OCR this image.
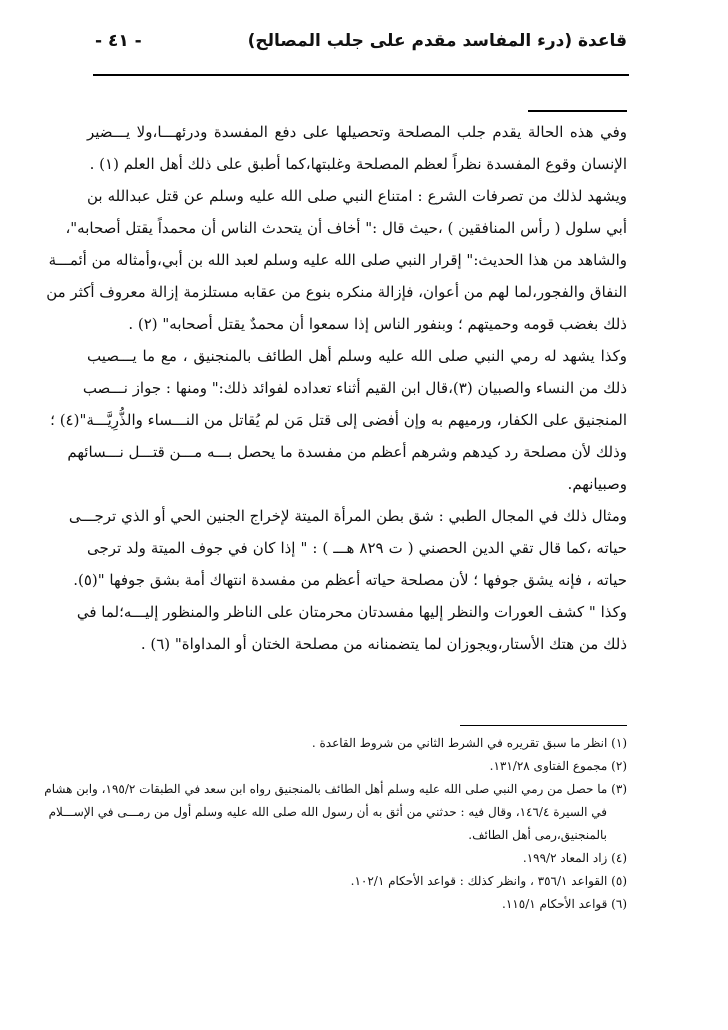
قاعدة (درء المفاسد مقدم على جلب المصالح)
- ٤١ -
وفي هذه الحالة يقدم جلب المصلحة وتحصيلها على دفع المفسدة ودرئهـــا،ولا يـــضير
الإنسان وقوع المفسدة نظراً لعظم المصلحة وغلبتها،كما أطبق على ذلك أهل العلم (١) .
ويشهد لذلك من تصرفات الشرع : امتناع النبي صلى الله عليه وسلم عن قتل عبدالله بن
أبي سلول ( رأس المنافقين ) ،حيث قال :" أخاف أن يتحدث الناس أن محمداً يقتل أصحابه"،
والشاهد من هذا الحديث:" إقرار النبي صلى الله عليه وسلم لعبد الله بن أبي،وأمثاله من أئمـــة
النفاق والفجور،لما لهم من أعوان، فإزالة منكره بنوع من عقابه مستلزمة إزالة معروف أكثر من
ذلك بغضب قومه وحميتهم ؛ وبنفور الناس إذا سمعوا أن محمدٌ يقتل أصحابه" (٢) .
وكذا يشهد له رمي النبي صلى الله عليه وسلم أهل الطائف بالمنجنيق ، مع ما يـــصيب
ذلك من النساء والصبيان (٣)،قال ابن القيم أثناء تعداده لفوائد ذلك:" ومنها : جواز نـــصب
المنجنيق على الكفار، ورميهم به وإن أفضى إلى قتل مَن لم يُقاتل من النـــساء والذُّرِيَّـــة"(٤) ؛
وذلك لأن مصلحة رد كيدهم وشرهم أعظم من مفسدة ما يحصل بـــه مـــن قتـــل نـــسائهم
وصبيانهم.
ومثال ذلك في المجال الطبي : شق بطن المرأة الميتة لإخراج الجنين الحي أو الذي ترجـــى
حياته ،كما قال تقي الدين الحصني ( ت ٨٢٩ هـــ ) : " إذا كان في جوف الميتة ولد ترجى
حياته ، فإنه يشق جوفها ؛ لأن مصلحة حياته أعظم من مفسدة انتهاك أمة بشق جوفها "(٥).
وكذا " كشف العورات والنظر إليها مفسدتان محرمتان على الناظر والمنظور إليـــه؛لما في
ذلك من هتك الأستار،ويجوزان لما يتضمنانه من مصلحة الختان أو المداواة" (٦) .
(١) انظر ما سبق تقريره في الشرط الثاني من شروط القاعدة .
(٢) مجموع الفتاوى ١٣١/٢٨.
(٣) ما حصل من رمي النبي صلى الله عليه وسلم أهل الطائف بالمنجنيق رواه ابن سعد في الطبقات ١٩٥/٢، وابن هشام
في السيرة ١٤٦/٤، وقال فيه : حدثني من أثق به أن رسول الله صلى الله عليه وسلم أول من رمـــى في الإســـلام
بالمنجنيق،رمى أهل الطائف.
(٤) زاد المعاد ١٩٩/٢.
(٥) القواعد ٣٥٦/١ ، وانظر كذلك : قواعد الأحكام ١٠٢/١.
(٦) قواعد الأحكام ١١٥/١.
